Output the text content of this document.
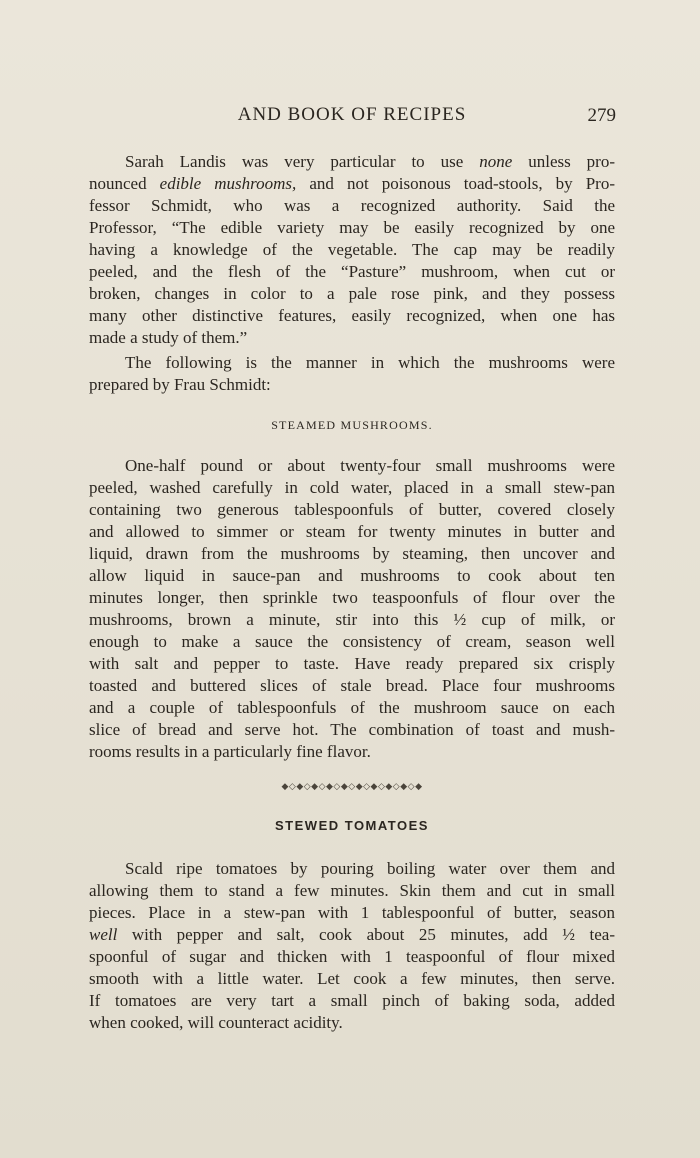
AND BOOK OF RECIPES	279
Sarah Landis was very particular to use none unless pro-
nounced edible mushrooms, and not poisonous toad-stools, by Pro-
fessor Schmidt, who was a recognized authority. Said the
Professor, “The edible variety may be easily recognized by one
having a knowledge of the vegetable. The cap may be readily
peeled, and the flesh of the “Pasture” mushroom, when cut or
broken, changes in color to a pale rose pink, and they possess
many other distinctive features, easily recognized, when one has
made a study of them.”
The following is the manner in which the mushrooms were
prepared by Frau Schmidt:
STEAMED MUSHROOMS.
One-half pound or about twenty-four small mushrooms were
peeled, washed carefully in cold water, placed in a small stew-pan
containing two generous tablespoonfuls of butter, covered closely
and allowed to simmer or steam for twenty minutes in butter and
liquid, drawn from the mushrooms by steaming, then uncover and
allow liquid in sauce-pan and mushrooms to cook about ten
minutes longer, then sprinkle two teaspoonfuls of flour over the
mushrooms, brown a minute, stir into this ½ cup of milk, or
enough to make a sauce the consistency of cream, season well
with salt and pepper to taste. Have ready prepared six crisply
toasted and buttered slices of stale bread. Place four mushrooms
and a couple of tablespoonfuls of the mushroom sauce on each
slice of bread and serve hot. The combination of toast and mush-
rooms results in a particularly fine flavor.
◆◇◆◇◆◇◆◇◆◇◆◇◆◇◆◇◆◇◆
STEWED TOMATOES
Scald ripe tomatoes by pouring boiling water over them and
allowing them to stand a few minutes. Skin them and cut in small
pieces. Place in a stew-pan with 1 tablespoonful of butter, season
well with pepper and salt, cook about 25 minutes, add ½ tea-
spoonful of sugar and thicken with 1 teaspoonful of flour mixed
smooth with a little water. Let cook a few minutes, then serve.
If tomatoes are very tart a small pinch of baking soda, added
when cooked, will counteract acidity.
